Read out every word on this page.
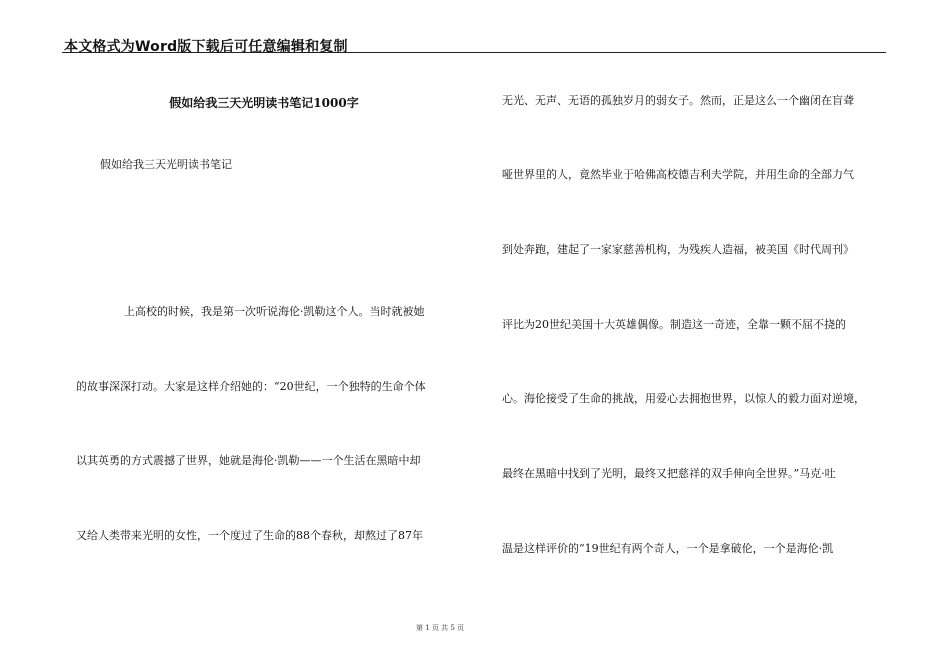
本文格式为Word版下载后可任意编辑和复制
假如给我三天光明读书笔记1000字
假如给我三天光明读书笔记
上高校的时候，我是第一次听说海伦·凯勒这个人。当时就被她
的故事深深打动。大家是这样介绍她的：“20世纪，一个独特的生命个体
以其英勇的方式震撼了世界，她就是海伦·凯勒——一个生活在黑暗中却
又给人类带来光明的女性，一个度过了生命的88个春秋，却熬过了87年
无光、无声、无语的孤独岁月的弱女子。然而，正是这么一个幽闭在盲聋
哑世界里的人，竟然毕业于哈佛高校德吉利夫学院，并用生命的全部力气
到处奔跑，建起了一家家慈善机构，为残疾人造福，被美国《时代周刊》
评比为20世纪美国十大英雄偶像。制造这一奇迹，全靠一颗不屈不挠的
心。海伦接受了生命的挑战，用爱心去拥抱世界，以惊人的毅力面对逆境，
最终在黑暗中找到了光明，最终又把慈祥的双手伸向全世界。”马克·吐
温是这样评价的“19世纪有两个奇人，一个是拿破伦，一个是海伦·凯
第 1 页 共 5 页
